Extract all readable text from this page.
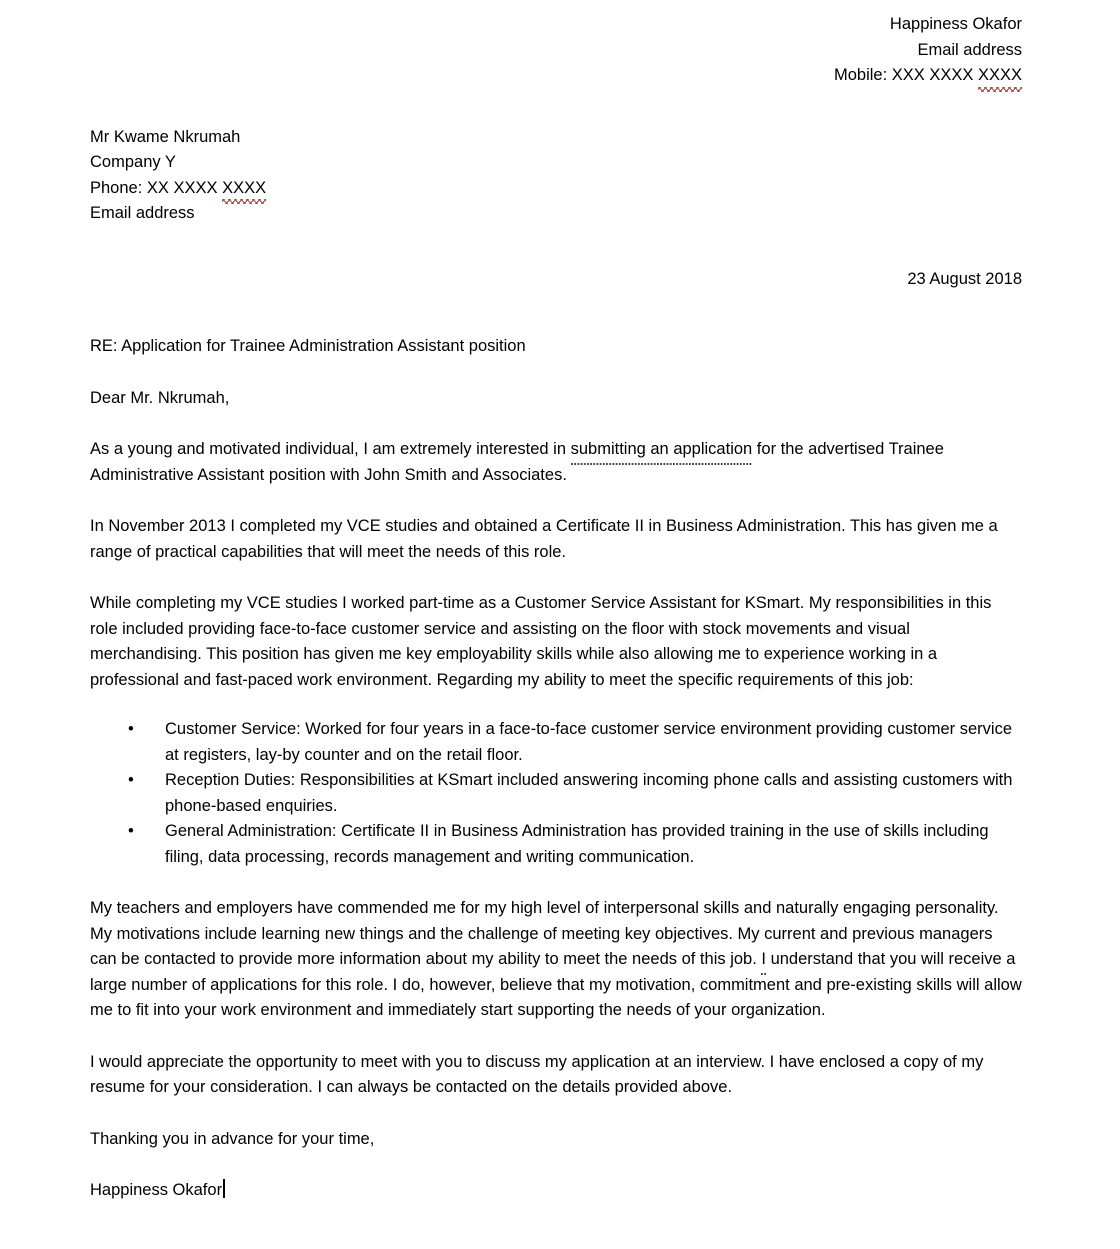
Happiness Okafor
Email address
Mobile: XXX XXXX XXXX
Mr Kwame Nkrumah
Company Y
Phone: XX XXXX XXXX
Email address
23 August 2018
RE: Application for Trainee Administration Assistant position
Dear Mr. Nkrumah,

As a young and motivated individual, I am extremely interested in submitting an application for the advertised Trainee Administrative Assistant position with John Smith and Associates.

In November 2013 I completed my VCE studies and obtained a Certificate II in Business Administration. This has given me a range of practical capabilities that will meet the needs of this role.

While completing my VCE studies I worked part-time as a Customer Service Assistant for KSmart. My responsibilities in this role included providing face-to-face customer service and assisting on the floor with stock movements and visual merchandising. This position has given me key employability skills while also allowing me to experience working in a professional and fast-paced work environment. Regarding my ability to meet the specific requirements of this job:

• Customer Service: Worked for four years in a face-to-face customer service environment providing customer service at registers, lay-by counter and on the retail floor.
• Reception Duties: Responsibilities at KSmart included answering incoming phone calls and assisting customers with phone-based enquiries.
• General Administration: Certificate II in Business Administration has provided training in the use of skills including filing, data processing, records management and writing communication.

My teachers and employers have commended me for my high level of interpersonal skills and naturally engaging personality. My motivations include learning new things and the challenge of meeting key objectives. My current and previous managers can be contacted to provide more information about my ability to meet the needs of this job. I understand that you will receive a large number of applications for this role. I do, however, believe that my motivation, commitment and pre-existing skills will allow me to fit into your work environment and immediately start supporting the needs of your organization.

I would appreciate the opportunity to meet with you to discuss my application at an interview. I have enclosed a copy of my resume for your consideration. I can always be contacted on the details provided above.

Thanking you in advance for your time,
Happiness Okafor
